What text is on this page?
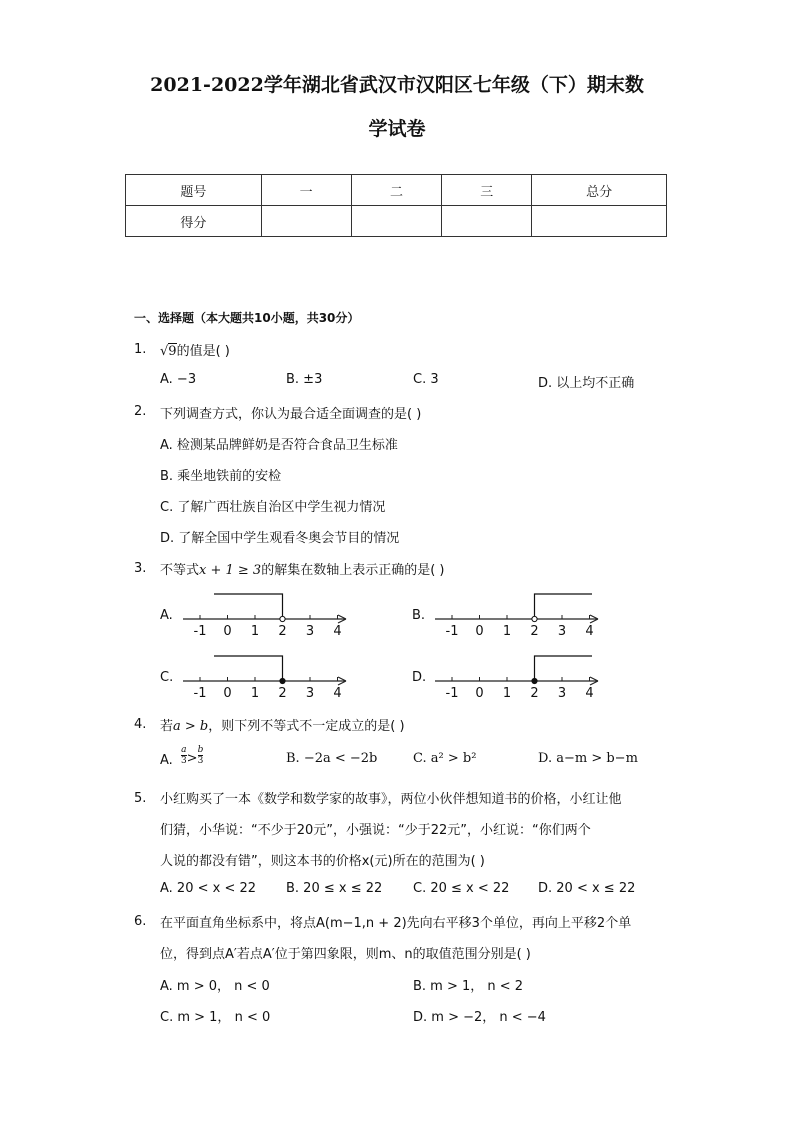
2021-2022学年湖北省武汉市汉阳区七年级（下）期末数
学试卷
题号	一	二	三	总分
得分				
一、选择题（本大题共10小题，共30分）
1. √9的值是( )
A. −3	B. ±3	C. 3	D. 以上均不正确
2. 下列调查方式，你认为最合适全面调查的是( )
A. 检测某品牌鲜奶是否符合食品卫生标准
B. 乘坐地铁前的安检
C. 了解广西壮族自治区中学生视力情况
D. 了解全国中学生观看冬奥会节目的情况
3. 不等式x + 1 ≥ 3的解集在数轴上表示正确的是( )
A.
-1 0 1 2 3 4
B.
-1 0 1 2 3 4
C.
-1 0 1 2 3 4
D.
-1 0 1 2 3 4
4. 若a > b，则下列不等式不一定成立的是( )
A. $\frac{a}{3} > \frac{b}{3}$	B. −2a < −2b	C. a² > b²	D. a−m > b−m
5. 小红购买了一本《数学和数学家的故事》，两位小伙伴想知道书的价格，小红让他
们猜，小华说：“不少于20元”，小强说：“少于22元”，小红说：“你们两个
人说的都没有错”，则这本书的价格x(元)所在的范围为( )
A. 20 < x < 22 B. 20 ≤ x ≤ 22 C. 20 ≤ x < 22 D. 20 < x ≤ 22
6. 在平面直角坐标系中，将点A(m−1,n + 2)先向右平移3个单位，再向上平移2个单
位，得到点A′若点A′位于第四象限，则m、n的取值范围分别是( )
A. m > 0， n < 0	B. m > 1， n < 2
C. m > 1， n < 0	D. m > −2， n < −4
